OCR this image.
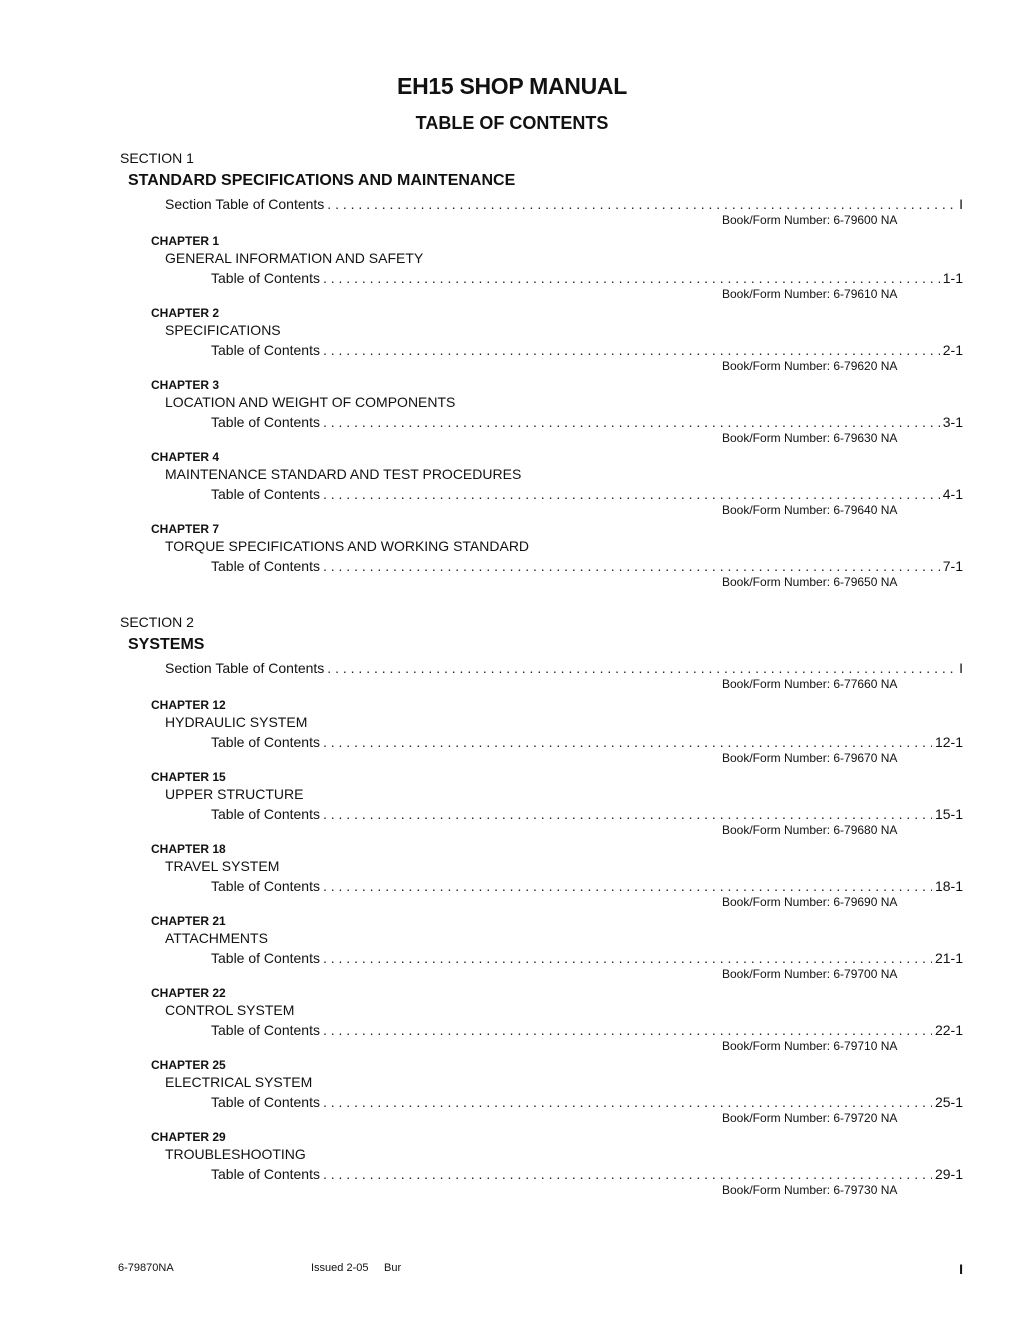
EH15 SHOP MANUAL
TABLE OF CONTENTS
SECTION 1
STANDARD SPECIFICATIONS AND MAINTENANCE
Section Table of Contents . . .	I
Book/Form Number: 6-79600 NA
CHAPTER 1
GENERAL INFORMATION AND SAFETY
Table of Contents . . .	1-1
Book/Form Number: 6-79610 NA
CHAPTER 2
SPECIFICATIONS
Table of Contents . . .	2-1
Book/Form Number: 6-79620 NA
CHAPTER 3
LOCATION AND WEIGHT OF COMPONENTS
Table of Contents . . .	3-1
Book/Form Number: 6-79630 NA
CHAPTER 4
MAINTENANCE STANDARD AND TEST PROCEDURES
Table of Contents . . .	4-1
Book/Form Number: 6-79640 NA
CHAPTER 7
TORQUE SPECIFICATIONS AND WORKING STANDARD
Table of Contents . . .	7-1
Book/Form Number: 6-79650 NA
SECTION 2
SYSTEMS
Section Table of Contents . . .	I
Book/Form Number: 6-77660 NA
CHAPTER 12
HYDRAULIC SYSTEM
Table of Contents . . .	12-1
Book/Form Number: 6-79670 NA
CHAPTER 15
UPPER STRUCTURE
Table of Contents . . .	15-1
Book/Form Number: 6-79680 NA
CHAPTER 18
TRAVEL SYSTEM
Table of Contents . . .	18-1
Book/Form Number: 6-79690 NA
CHAPTER 21
ATTACHMENTS
Table of Contents . . .	21-1
Book/Form Number: 6-79700 NA
CHAPTER 22
CONTROL SYSTEM
Table of Contents . . .	22-1
Book/Form Number: 6-79710 NA
CHAPTER 25
ELECTRICAL SYSTEM
Table of Contents . . .	25-1
Book/Form Number: 6-79720 NA
CHAPTER 29
TROUBLESHOOTING
Table of Contents . . .	29-1
Book/Form Number: 6-79730 NA
6-79870NA	Issued 2-05 Bur	I
